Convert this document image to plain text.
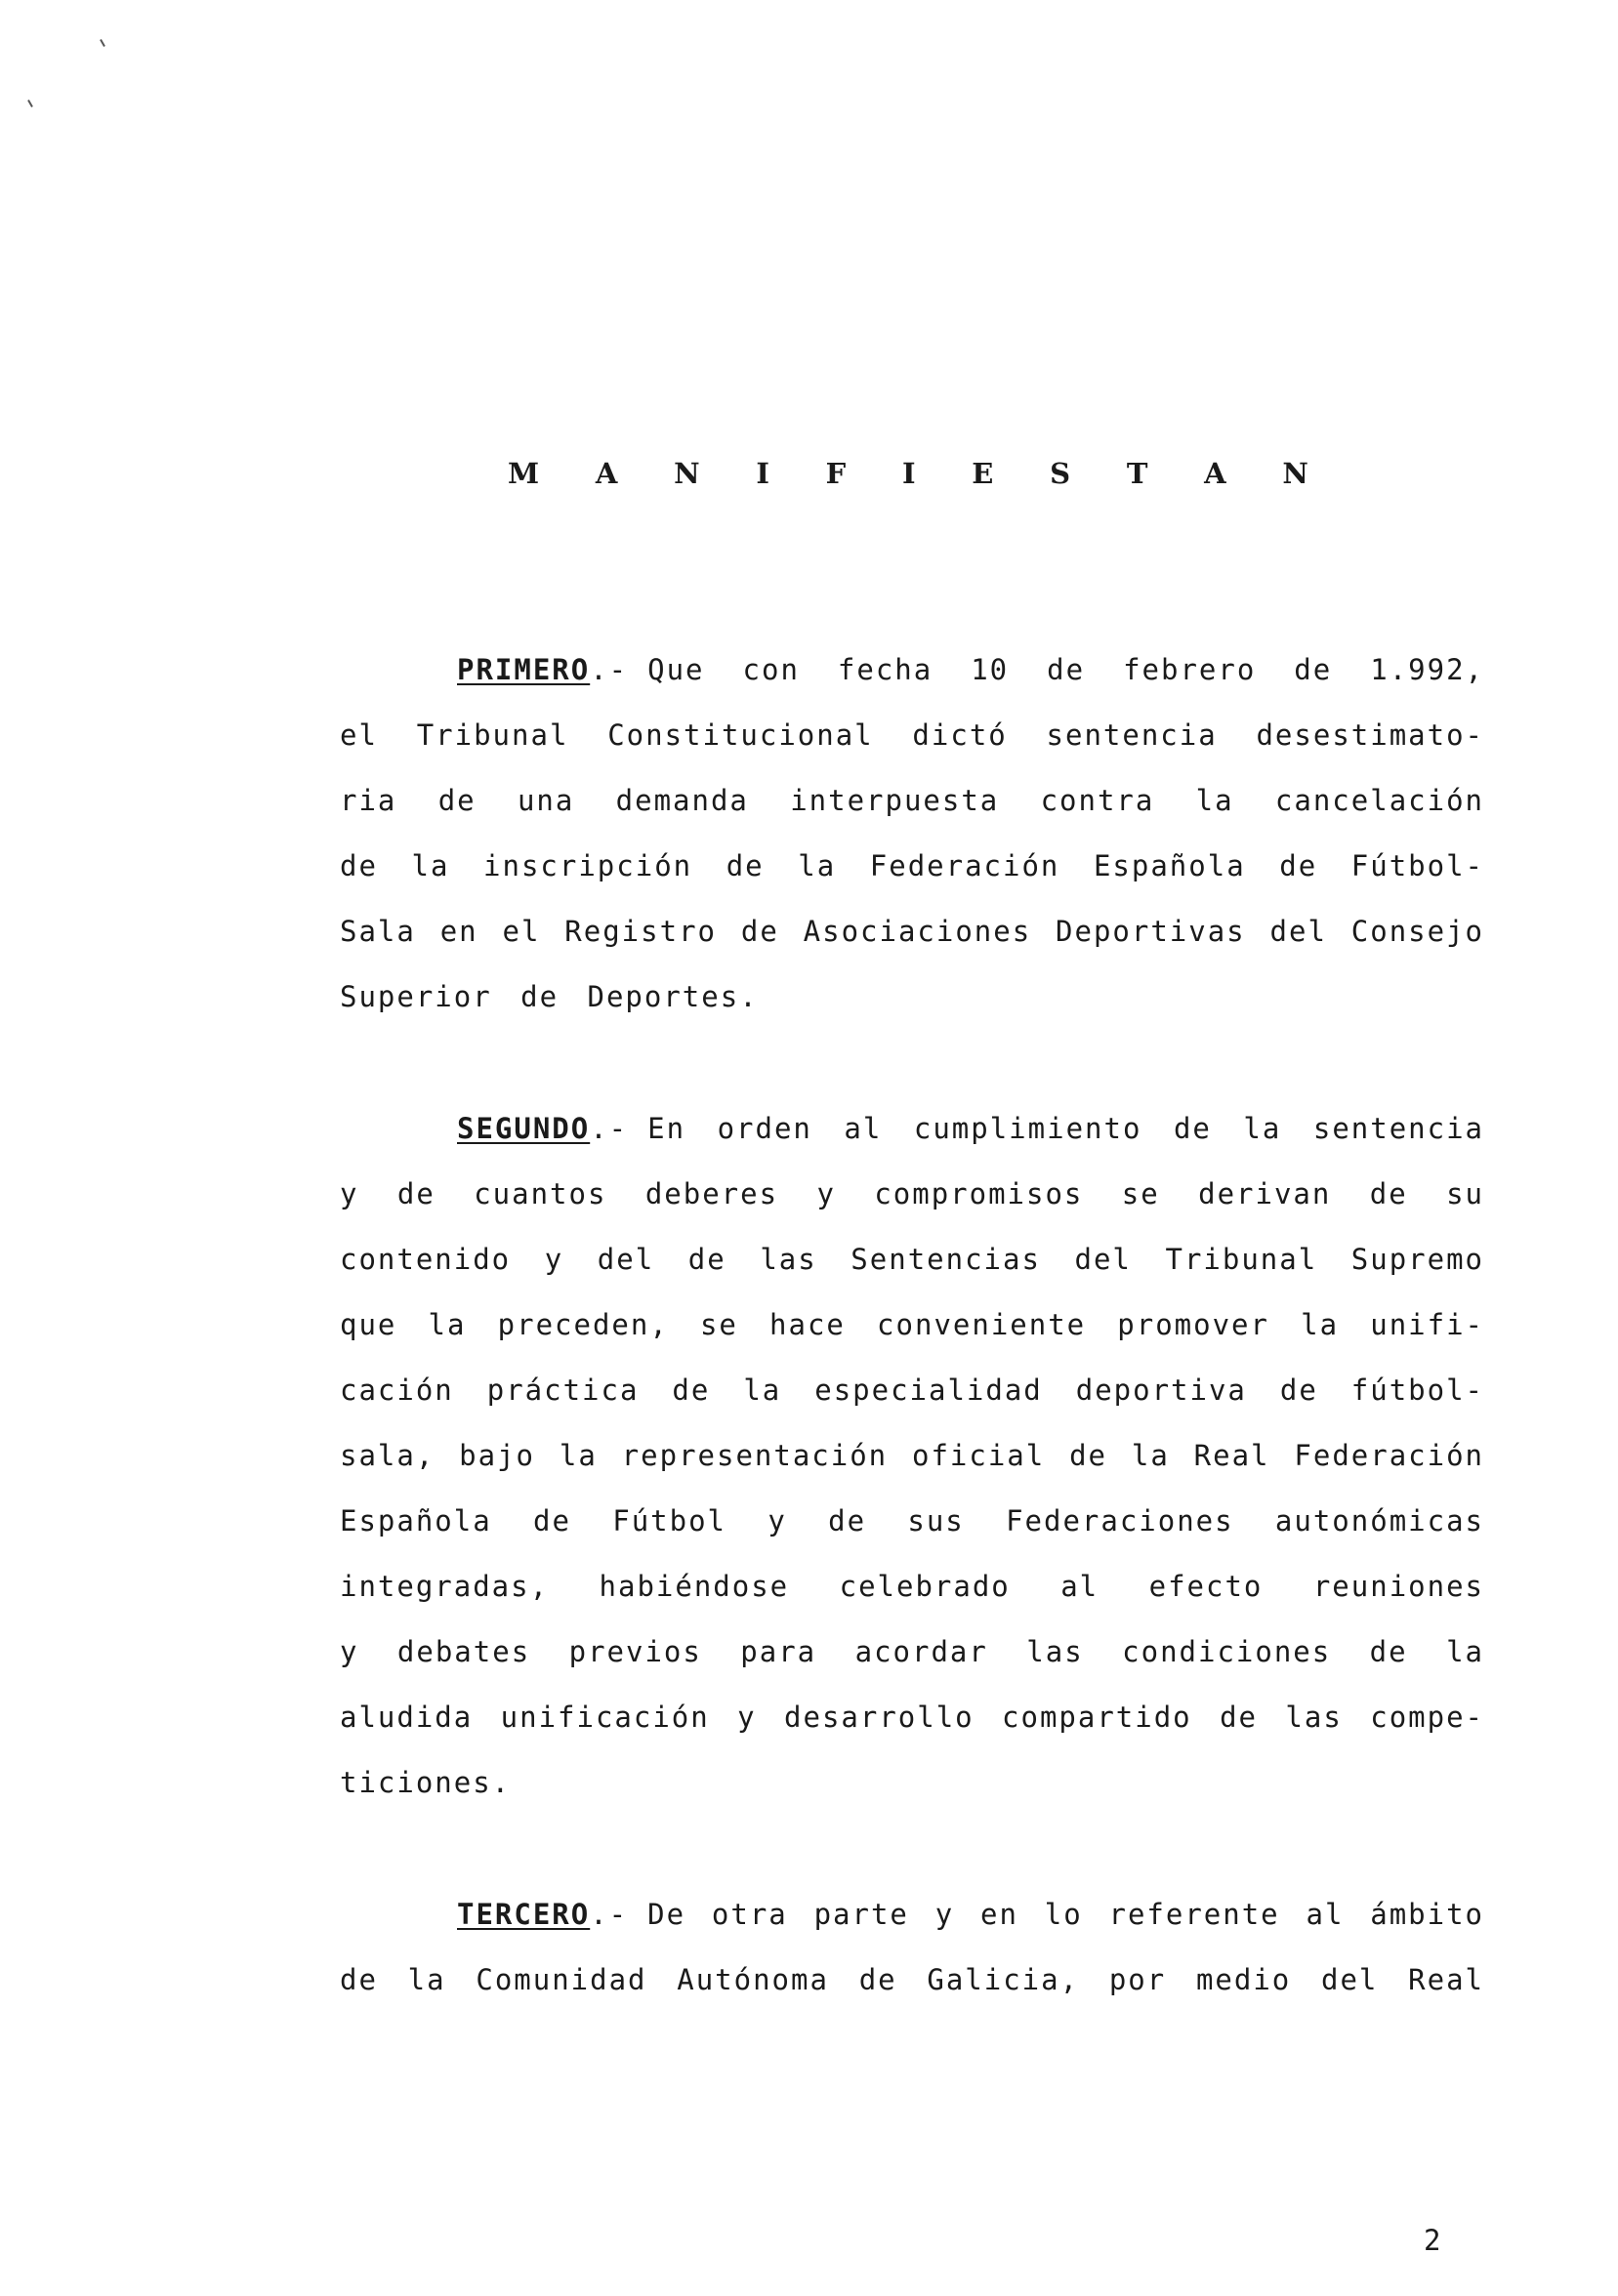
M A N I F I E S T A N
PRIMERO.- Que con fecha 10 de febrero de 1.992,
el Tribunal Constitucional dictó sentencia desestimato-
ria de una demanda interpuesta contra la cancelación
de la inscripción de la Federación Española de Fútbol-
Sala en el Registro de Asociaciones Deportivas del Consejo
Superior de Deportes.
SEGUNDO.- En orden al cumplimiento de la sentencia
y de cuantos deberes y compromisos se derivan de su
contenido y del de las Sentencias del Tribunal Supremo
que la preceden, se hace conveniente promover la unifi-
cación práctica de la especialidad deportiva de fútbol-
sala, bajo la representación oficial de la Real Federación
Española de Fútbol y de sus Federaciones autonómicas
integradas, habiéndose celebrado al efecto reuniones
y debates previos para acordar las condiciones de la
aludida unificación y desarrollo compartido de las compe-
ticiones.
TERCERO.- De otra parte y en lo referente al ámbito
de la Comunidad Autónoma de Galicia, por medio del Real
2
